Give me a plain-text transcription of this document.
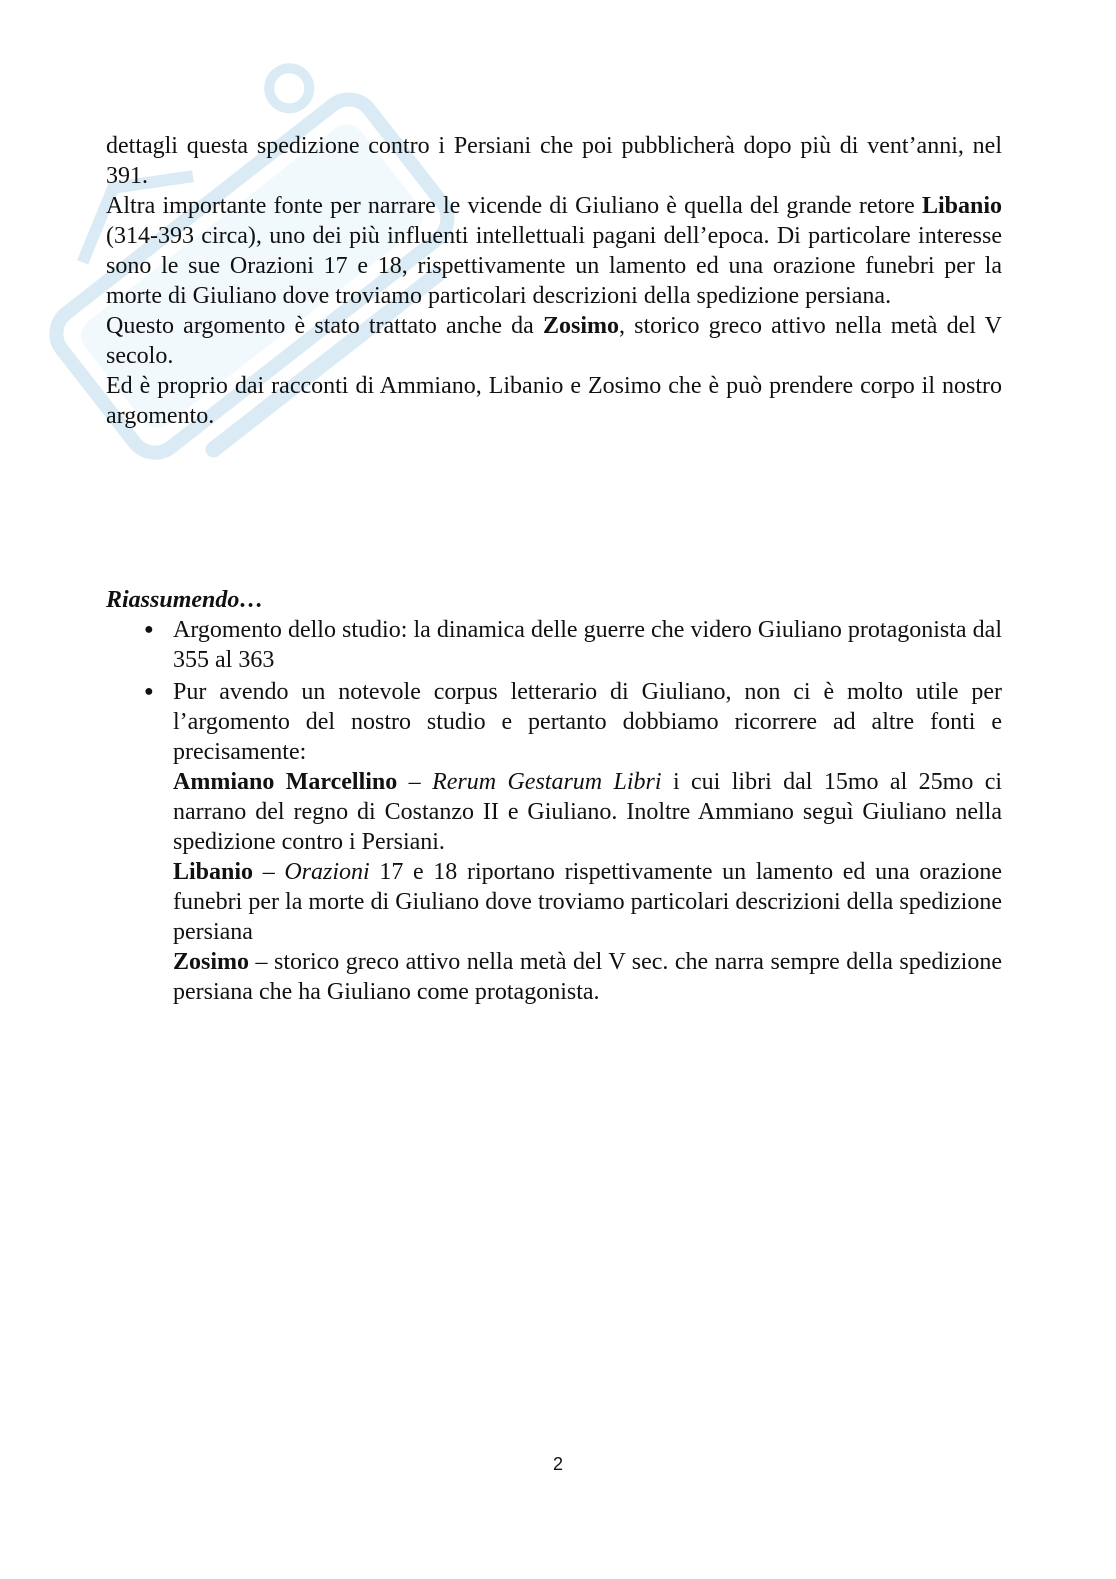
dettagli questa spedizione contro i Persiani che poi pubblicherà dopo più di vent’anni, nel 391.

Altra importante fonte per narrare le vicende di Giuliano è quella del grande retore Libanio (314-393 circa), uno dei più influenti intellettuali pagani dell’epoca. Di particolare interesse sono le sue Orazioni 17 e 18, rispettivamente un lamento ed una orazione funebri per la morte di Giuliano dove troviamo particolari descrizioni della spedizione persiana.

Questo argomento è stato trattato anche da Zosimo, storico greco attivo nella metà del V secolo.

Ed è proprio dai racconti di Ammiano, Libanio e Zosimo che è può prendere corpo il nostro argomento.

Riassumendo…

● Argomento dello studio: la dinamica delle guerre che videro Giuliano protagonista dal 355 al 363
● Pur avendo un notevole corpus letterario di Giuliano, non ci è molto utile per l’argomento del nostro studio e pertanto dobbiamo ricorrere ad altre fonti e precisamente:
Ammiano Marcellino – Rerum Gestarum Libri i cui libri dal 15mo al 25mo ci narrano del regno di Costanzo II e Giuliano. Inoltre Ammiano seguì Giuliano nella spedizione contro i Persiani.
Libanio – Orazioni 17 e 18 riportano rispettivamente un lamento ed una orazione funebri per la morte di Giuliano dove troviamo particolari descrizioni della spedizione persiana
Zosimo – storico greco attivo nella metà del V sec. che narra sempre della spedizione persiana che ha Giuliano come protagonista.
2
